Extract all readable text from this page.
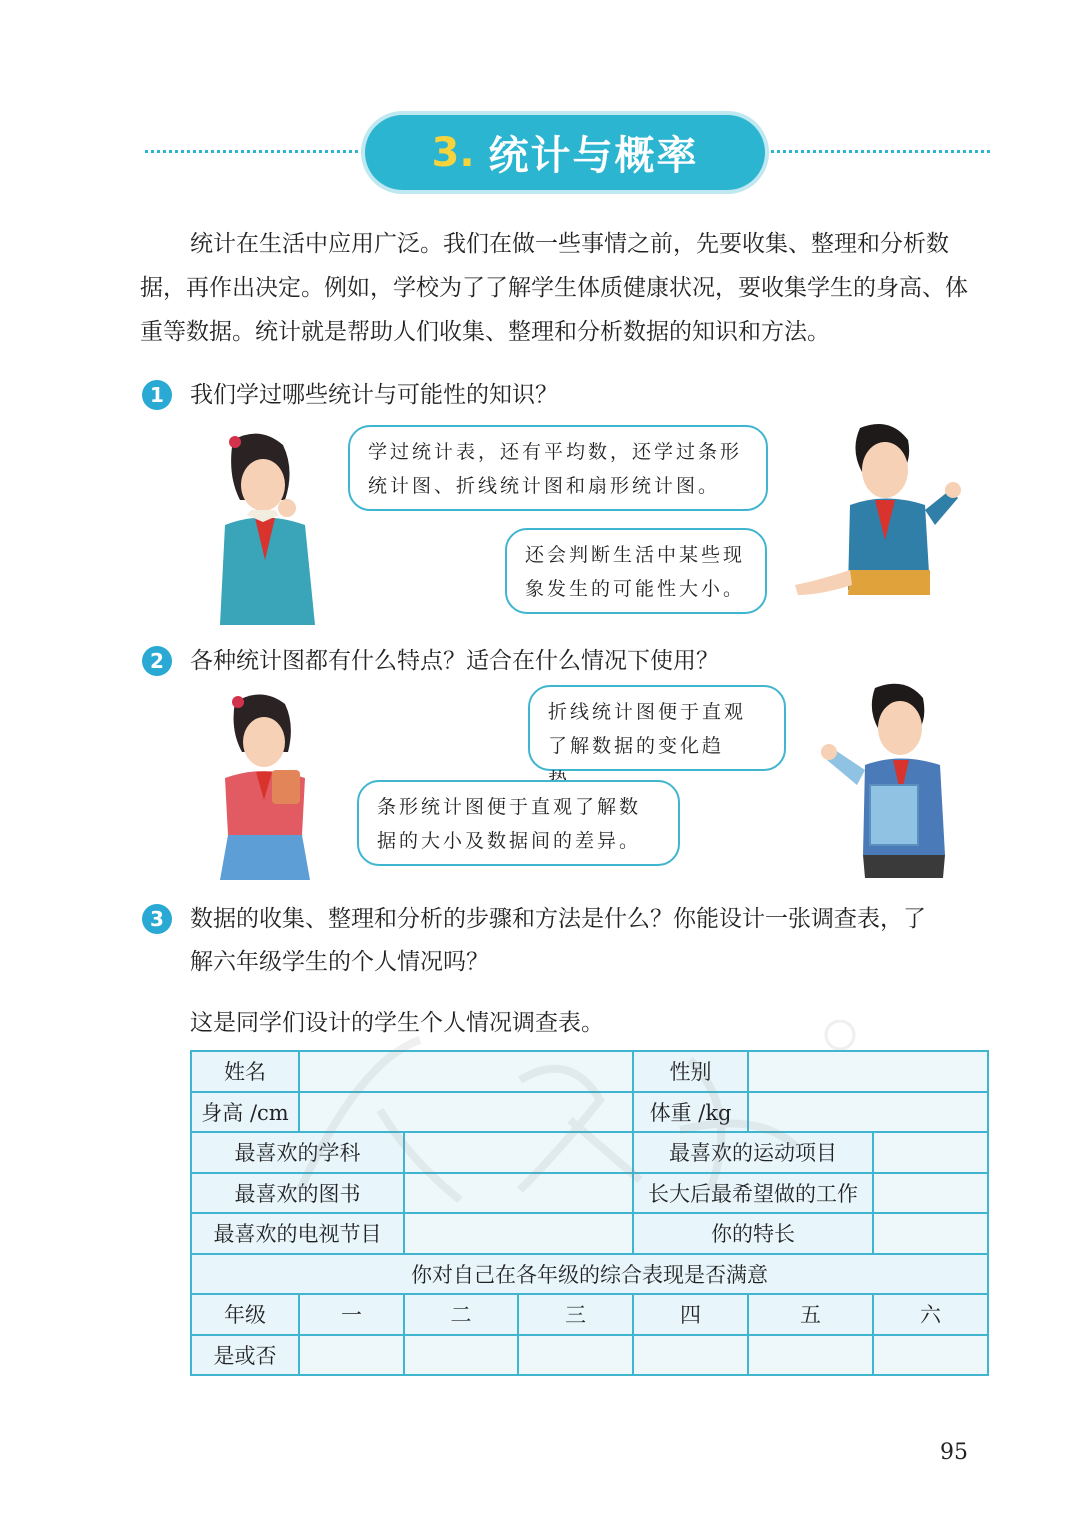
3. 统计与概率

统计在生活中应用广泛。我们在做一些事情之前，先要收集、整理和分析数据，再作出决定。例如，学校为了了解学生体质健康状况，要收集学生的身高、体重等数据。统计就是帮助人们收集、整理和分析数据的知识和方法。

1	我们学过哪些统计与可能性的知识？
学过统计表，还有平均数，还学过条形统计图、折线统计图和扇形统计图。
还会判断生活中某些现象发生的可能性大小。
2	各种统计图都有什么特点？适合在什么情况下使用？
折线统计图便于直观了解数据的变化趋
条形统计图便于直观了解数据的大小及数据间的差异。
3	数据的收集、整理和分析的步骤和方法是什么？你能设计一张调查表，了
解六年级学生的个人情况吗？
这是同学们设计的学生个人情况调查表。
姓名				性别		
身高 /cm				体重 /kg		
最喜欢的学科				最喜欢的运动项目		
最喜欢的图书				长大后最希望做的工作		
最喜欢的电视节目				你的特长		
你对自己在各年级的综合表现是否满意						
年级	一	二	三	四	五	六
是或否						
95
